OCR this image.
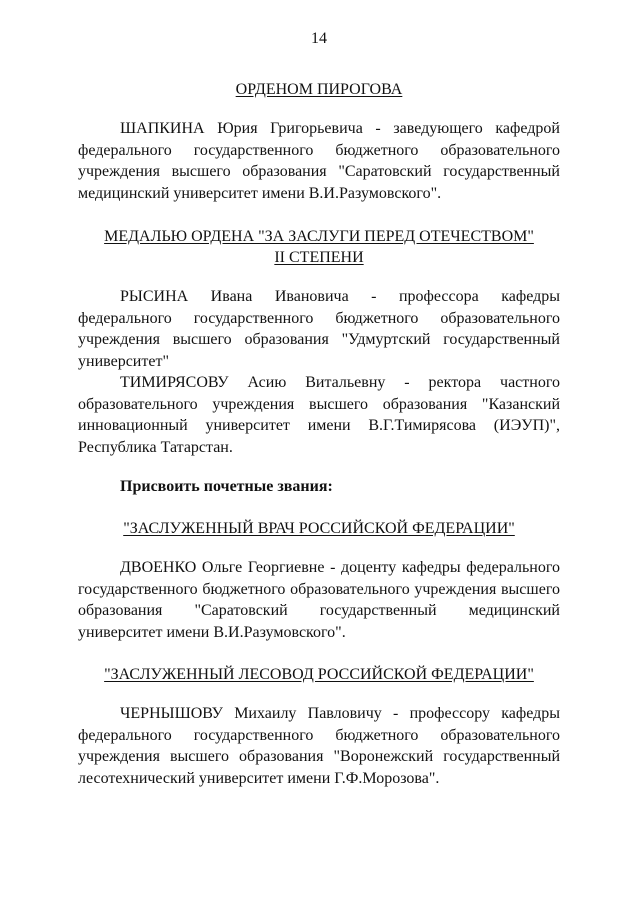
14
ОРДЕНОМ ПИРОГОВА

ШАПКИНА Юрия Григорьевича - заведующего кафедрой федерального государственного бюджетного образовательного учреждения высшего образования "Саратовский государственный медицинский университет имени В.И.Разумовского".

МЕДАЛЬЮ ОРДЕНА "ЗА ЗАСЛУГИ ПЕРЕД ОТЕЧЕСТВОМ"
II СТЕПЕНИ

РЫСИНА Ивана Ивановича - профессора кафедры федерального государственного бюджетного образовательного учреждения высшего образования "Удмуртский государственный университет"

ТИМИРЯСОВУ Асию Витальевну - ректора частного образовательного учреждения высшего образования "Казанский инновационный университет имени В.Г.Тимирясова (ИЭУП)", Республика Татарстан.

Присвоить почетные звания:
"ЗАСЛУЖЕННЫЙ ВРАЧ РОССИЙСКОЙ ФЕДЕРАЦИИ"

ДВОЕНКО Ольге Георгиевне - доценту кафедры федерального государственного бюджетного образовательного учреждения высшего образования "Саратовский государственный медицинский университет имени В.И.Разумовского".

"ЗАСЛУЖЕННЫЙ ЛЕСОВОД РОССИЙСКОЙ ФЕДЕРАЦИИ"

ЧЕРНЫШОВУ Михаилу Павловичу - профессору кафедры федерального государственного бюджетного образовательного учреждения высшего образования "Воронежский государственный лесотехнический университет имени Г.Ф.Морозова".
